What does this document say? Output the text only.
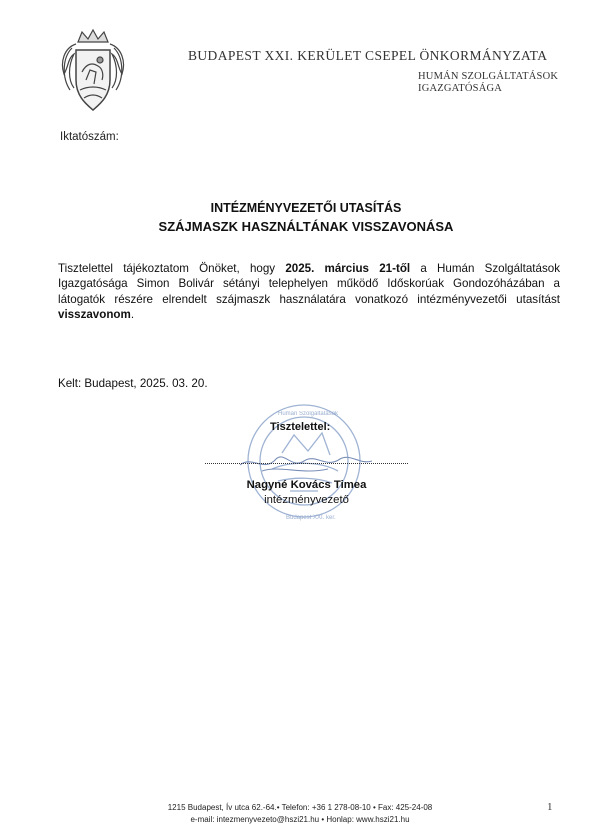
BUDAPEST XXI. KERÜLET CSEPEL ÖNKORMÁNYZATA
HUMÁN SZOLGÁLTATÁSOK
IGAZGATÓSÁGA
Iktatószám:
INTÉZMÉNYVEZETŐI UTASÍTÁS
SZÁJMASZK HASZNÁLTÁNAK VISSZAVONÁSA
Tisztelettel tájékoztatom Önöket, hogy 2025. március 21-től a Humán Szolgáltatások Igazgatósága Simon Bolivár sétányi telephelyen működő Időskorúak Gondozóházában a látogatók részére elrendelt szájmaszk használatára vonatkozó intézményvezetői utasítást visszavonom.
Kelt: Budapest, 2025. 03. 20.
Humán Szolgáltatások
Budapest XXI. ker.
Tisztelettel:
Nagyné Kovács Timea
intézményvezető
1215 Budapest, Ív utca 62.-64.• Telefon: +36 1 278-08-10 • Fax: 425-24-08
e-mail: intezmenyvezeto@hszi21.hu • Honlap: www.hszi21.hu
1
